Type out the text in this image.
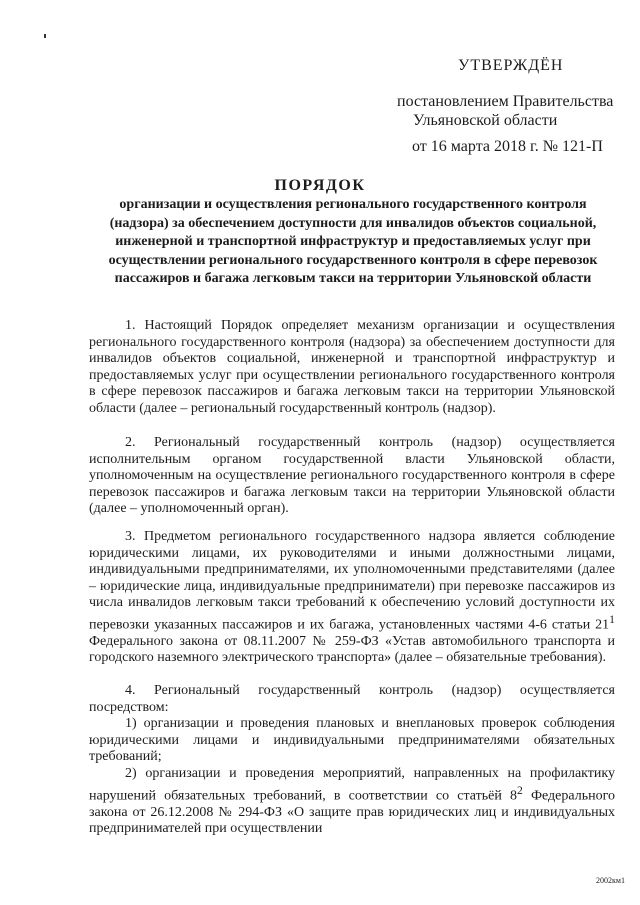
УТВЕРЖДЁН
постановлением Правительства
Ульяновской области
от 16 марта 2018 г. № 121-П
ПОРЯДОК
организации и осуществления регионального государственного контроля (надзора) за обеспечением доступности для инвалидов объектов социальной, инженерной и транспортной инфраструктур и предоставляемых услуг при осуществлении регионального государственного контроля в сфере перевозок пассажиров и багажа легковым такси на территории Ульяновской области
1. Настоящий Порядок определяет механизм организации и осуществления регионального государственного контроля (надзора) за обеспечением доступности для инвалидов объектов социальной, инженерной и транспортной инфраструктур и предоставляемых услуг при осуществлении регионального государственного контроля в сфере перевозок пассажиров и багажа легковым такси на территории Ульяновской области (далее – региональный государственный контроль (надзор).
2. Региональный государственный контроль (надзор) осуществляется исполнительным органом государственной власти Ульяновской области, уполномоченным на осуществление регионального государственного контроля в сфере перевозок пассажиров и багажа легковым такси на территории Ульяновской области (далее – уполномоченный орган).
3. Предметом регионального государственного надзора является соблюдение юридическими лицами, их руководителями и иными должностными лицами, индивидуальными предпринимателями, их уполномоченными представителями (далее – юридические лица, индивидуальные предприниматели) при перевозке пассажиров из числа инвалидов легковым такси требований к обеспечению условий доступности их перевозки указанных пассажиров и их багажа, установленных частями 4-6 статьи $21^1$ Федерального закона от 08.11.2007 № 259-ФЗ «Устав автомобильного транспорта и городского наземного электрического транспорта» (далее – обязательные требования).
4. Региональный государственный контроль (надзор) осуществляется посредством:
1) организации и проведения плановых и внеплановых проверок соблюдения юридическими лицами и индивидуальными предпринимателями обязательных требований;
2) организации и проведения мероприятий, направленных на профилактику нарушений обязательных требований, в соответствии со статьёй $8^2$ Федерального закона от 26.12.2008 № 294-ФЗ «О защите прав юридических лиц и индивидуальных предпринимателей при осуществлении
2002км1
